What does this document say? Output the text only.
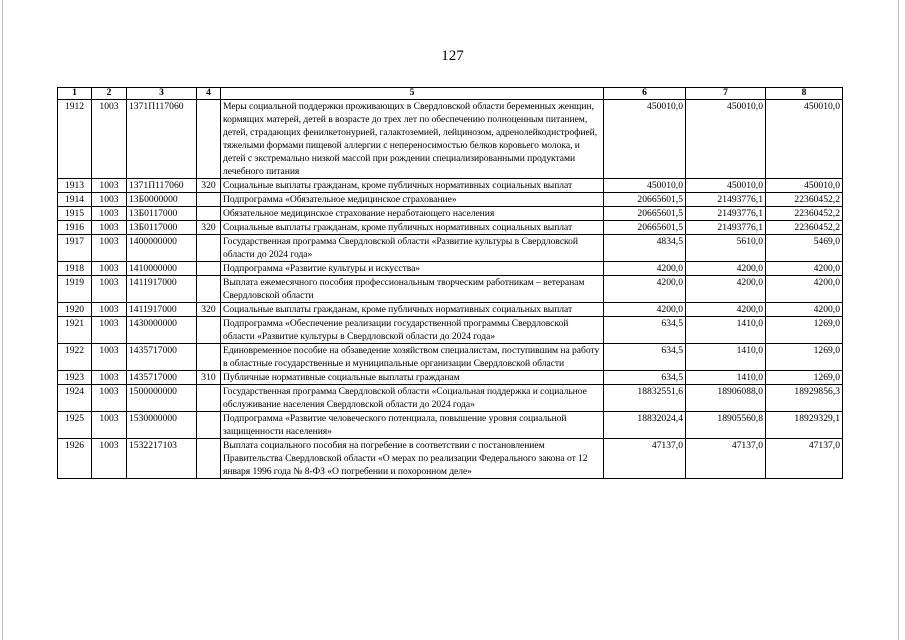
127
1	2	3	4	5	6	7	8
1912	1003	1371П117060		Меры социальной поддержки проживающих в Свердловской области беременных женщин, кормящих матерей, детей в возрасте до трех лет по обеспечению полноценным питанием, детей, страдающих фенилкетонурией, галактоземией, лейцинозом, адренолейкодистрофией, тяжелыми формами пищевой аллергии с непереносимостью белков коровьего молока, и детей с экстремально низкой массой при рождении специализированными продуктами лечебного питания	450010,0	450010,0	450010,0
1913	1003	1371П117060	320	Социальные выплаты гражданам, кроме публичных нормативных социальных выплат	450010,0	450010,0	450010,0
1914	1003	13Б0000000		Подпрограмма «Обязательное медицинское страхование»	20665601,5	21493776,1	22360452,2
1915	1003	13Б0117000		Обязательное медицинское страхование неработающего населения	20665601,5	21493776,1	22360452,2
1916	1003	13Б0117000	320	Социальные выплаты гражданам, кроме публичных нормативных социальных выплат	20665601,5	21493776,1	22360452,2
1917	1003	1400000000		Государственная программа Свердловской области «Развитие культуры в Свердловской области до 2024 года»	4834,5	5610,0	5469,0
1918	1003	1410000000		Подпрограмма «Развитие культуры и искусства»	4200,0	4200,0	4200,0
1919	1003	1411917000		Выплата ежемесячного пособия профессиональным творческим работникам – ветеранам Свердловской области	4200,0	4200,0	4200,0
1920	1003	1411917000	320	Социальные выплаты гражданам, кроме публичных нормативных социальных выплат	4200,0	4200,0	4200,0
1921	1003	1430000000		Подпрограмма «Обеспечение реализации государственной программы Свердловской области «Развитие культуры в Свердловской области до 2024 года»	634,5	1410,0	1269,0
1922	1003	1435717000		Единовременное пособие на обзаведение хозяйством специалистам, поступившим на работу в областные государственные и муниципальные организации Свердловской области	634,5	1410,0	1269,0
1923	1003	1435717000	310	Публичные нормативные социальные выплаты гражданам	634,5	1410,0	1269,0
1924	1003	1500000000		Государственная программа Свердловской области «Социальная поддержка и социальное обслуживание населения Свердловской области до 2024 года»	18832551,6	18906088,0	18929856,3
1925	1003	1530000000		Подпрограмма «Развитие человеческого потенциала, повышение уровня социальной защищенности населения»	18832024,4	18905560,8	18929329,1
1926	1003	1532217103		Выплата социального пособия на погребение в соответствии с постановлением Правительства Свердловской области «О мерах по реализации Федерального закона от 12 января 1996 года № 8-ФЗ «О погребении и похоронном деле»	47137,0	47137,0	47137,0
